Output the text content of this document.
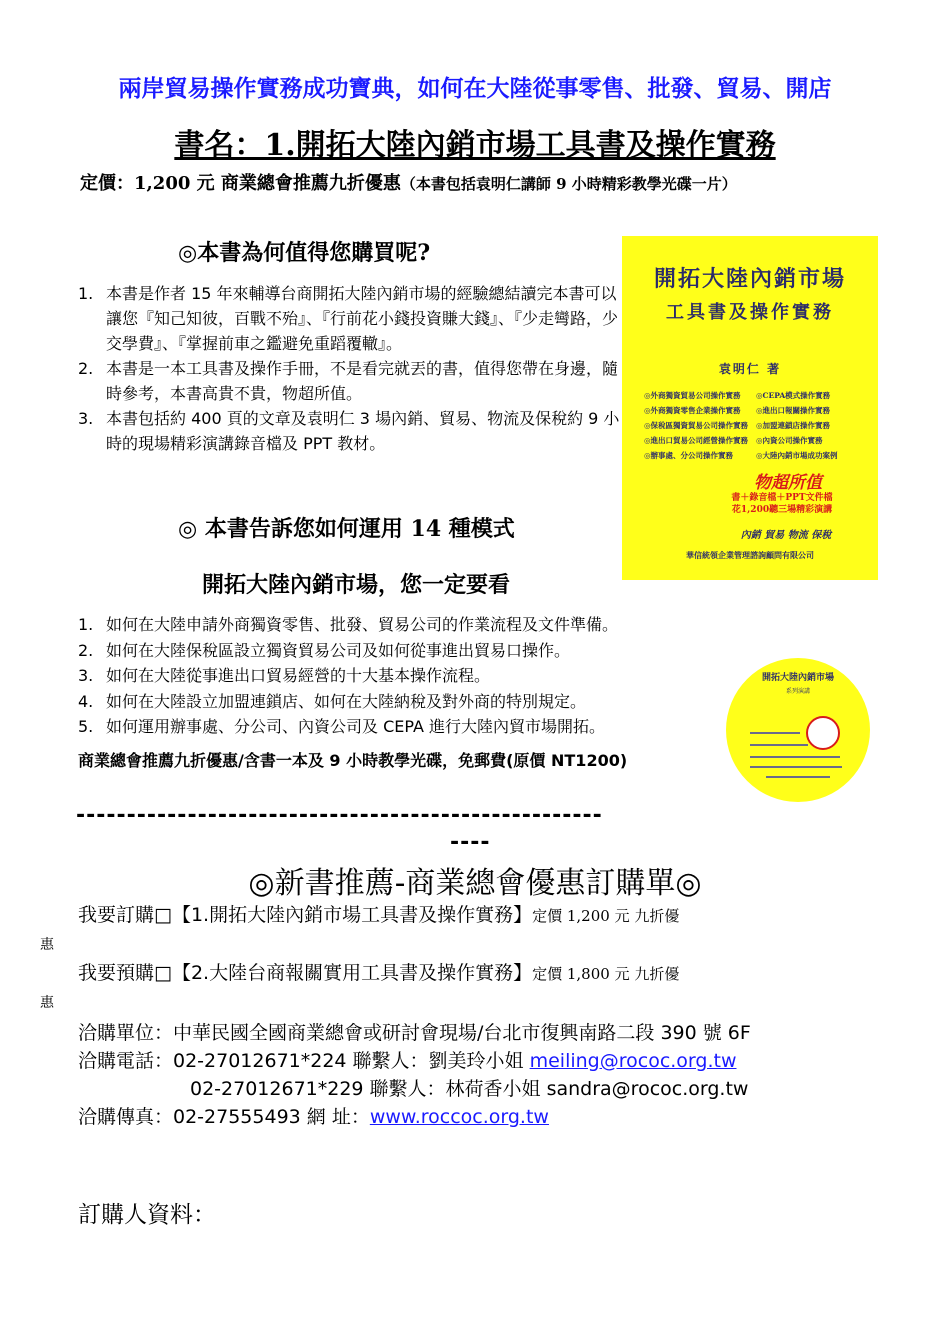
兩岸貿易操作實務成功寶典，如何在大陸從事零售、批發、貿易、開店
書名：1.開拓大陸內銷市場工具書及操作實務
定價：1,200 元 商業總會推薦九折優惠（本書包括袁明仁講師 9 小時精彩教學光碟一片）
◎本書為何值得您購買呢?
1. 本書是作者 15 年來輔導台商開拓大陸內銷市場的經驗總結讀完本書可以讓您『知己知彼，百戰不殆』、『行前花小錢投資賺大錢』、『少走彎路，少交學費』、『掌握前車之鑑避免重蹈覆轍』。
2. 本書是一本工具書及操作手冊，不是看完就丟的書，值得您帶在身邊，隨時參考，本書高貴不貴，物超所值。
3. 本書包括約 400 頁的文章及袁明仁 3 場內銷、貿易、物流及保稅約 9 小時的現場精彩演講錄音檔及 PPT 教材。
◎ 本書告訴您如何運用 14 種模式
開拓大陸內銷市場，您一定要看
1. 如何在大陸申請外商獨資零售、批發、貿易公司的作業流程及文件準備。
2. 如何在大陸保稅區設立獨資貿易公司及如何從事進出貿易口操作。
3. 如何在大陸從事進出口貿易經營的十大基本操作流程。
4. 如何在大陸設立加盟連鎖店、如何在大陸納稅及對外商的特別規定。
5. 如何運用辦事處、分公司、內資公司及 CEPA 進行大陸內貿市場開拓。
商業總會推薦九折優惠/含書一本及 9 小時教學光碟，免郵費(原價 NT1200)
開拓大陸內銷市場
工具書及操作實務
袁明仁 著
◎外商獨資貿易公司操作實務
◎外商獨資零售企業操作實務
◎保稅區獨資貿易公司操作實務
◎進出口貿易公司經營操作實務
◎辦事處、分公司操作實務
◎CEPA模式操作實務
◎進出口報關操作實務
◎加盟連鎖店操作實務
◎內資公司操作實務
◎大陸內銷市場成功案例
物超所值
書＋錄音檔＋PPT文件檔
花1,200聽三場精彩演講
內銷 貿易 物流 保稅
華信統領企業管理諮詢顧問有限公司
開拓大陸內銷市場
系列演講
----------------------------------------------------
----
◎新書推薦-商業總會優惠訂購單◎
我要訂購□【1.開拓大陸內銷市場工具書及操作實務】定價 1,200 元 九折優
惠
我要預購□【2.大陸台商報關實用工具書及操作實務】定價 1,800 元 九折優
惠
洽購單位：中華民國全國商業總會或研討會現場/台北市復興南路二段 390 號 6F
洽購電話：02-27012671*224 聯繫人：劉美玲小姐 meiling@rococ.org.tw
02-27012671*229 聯繫人：林荷香小姐 sandra@rococ.org.tw
洽購傳真：02-27555493 網 址：www.roccoc.org.tw
訂購人資料：
